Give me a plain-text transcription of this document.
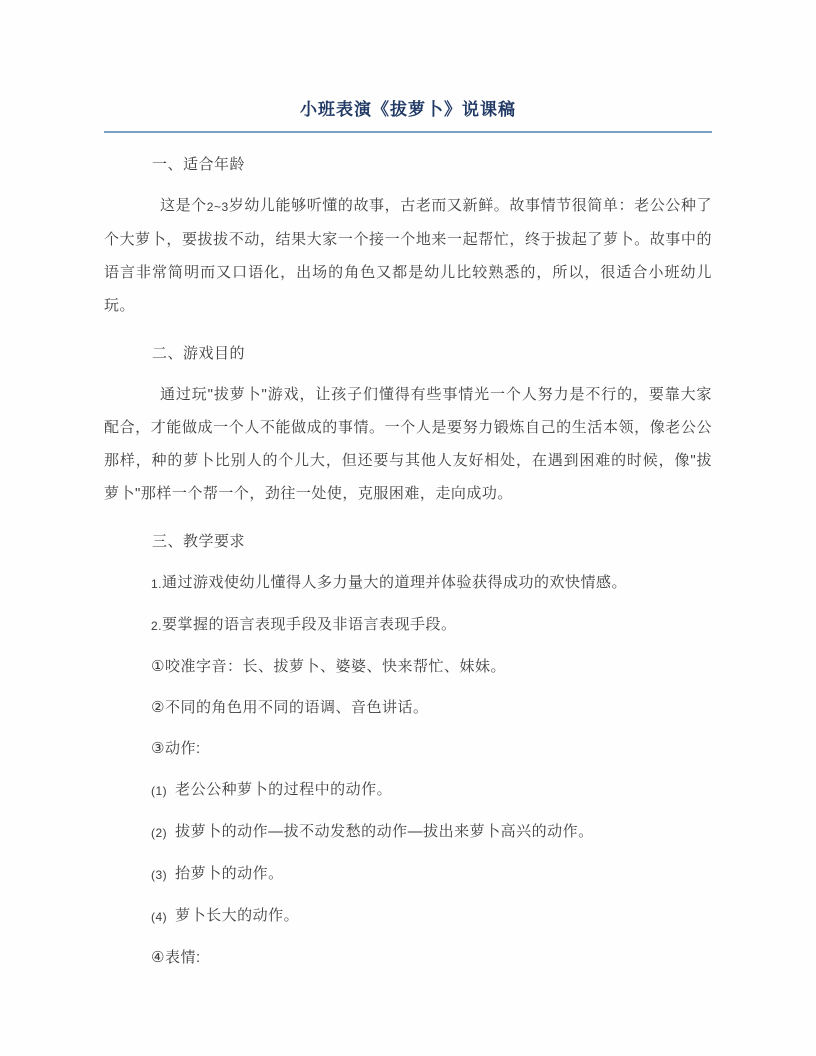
小班表演《拔萝卜》说课稿

一、适合年龄

这是个2~3岁幼儿能够听懂的故事，古老而又新鲜。故事情节很简单：老公公种了个大萝卜，要拔拔不动，结果大家一个接一个地来一起帮忙，终于拔起了萝卜。故事中的语言非常简明而又口语化，出场的角色又都是幼儿比较熟悉的，所以，很适合小班幼儿玩。

二、游戏目的

通过玩"拔萝卜"游戏，让孩子们懂得有些事情光一个人努力是不行的，要靠大家配合，才能做成一个人不能做成的事情。一个人是要努力锻炼自己的生活本领，像老公公那样，种的萝卜比别人的个儿大，但还要与其他人友好相处，在遇到困难的时候，像"拔萝卜"那样一个帮一个，劲往一处使，克服困难，走向成功。

三、教学要求

1.通过游戏使幼儿懂得人多力量大的道理并体验获得成功的欢快情感。

2.要掌握的语言表现手段及非语言表现手段。

①咬准字音：长、拔萝卜、婆婆、快来帮忙、妹妹。

②不同的角色用不同的语调、音色讲话。

③动作:

(1) 老公公种萝卜的过程中的动作。

(2) 拔萝卜的动作—拔不动发愁的动作—拔出来萝卜高兴的动作。

(3) 抬萝卜的动作。

(4) 萝卜长大的动作。

④表情:
